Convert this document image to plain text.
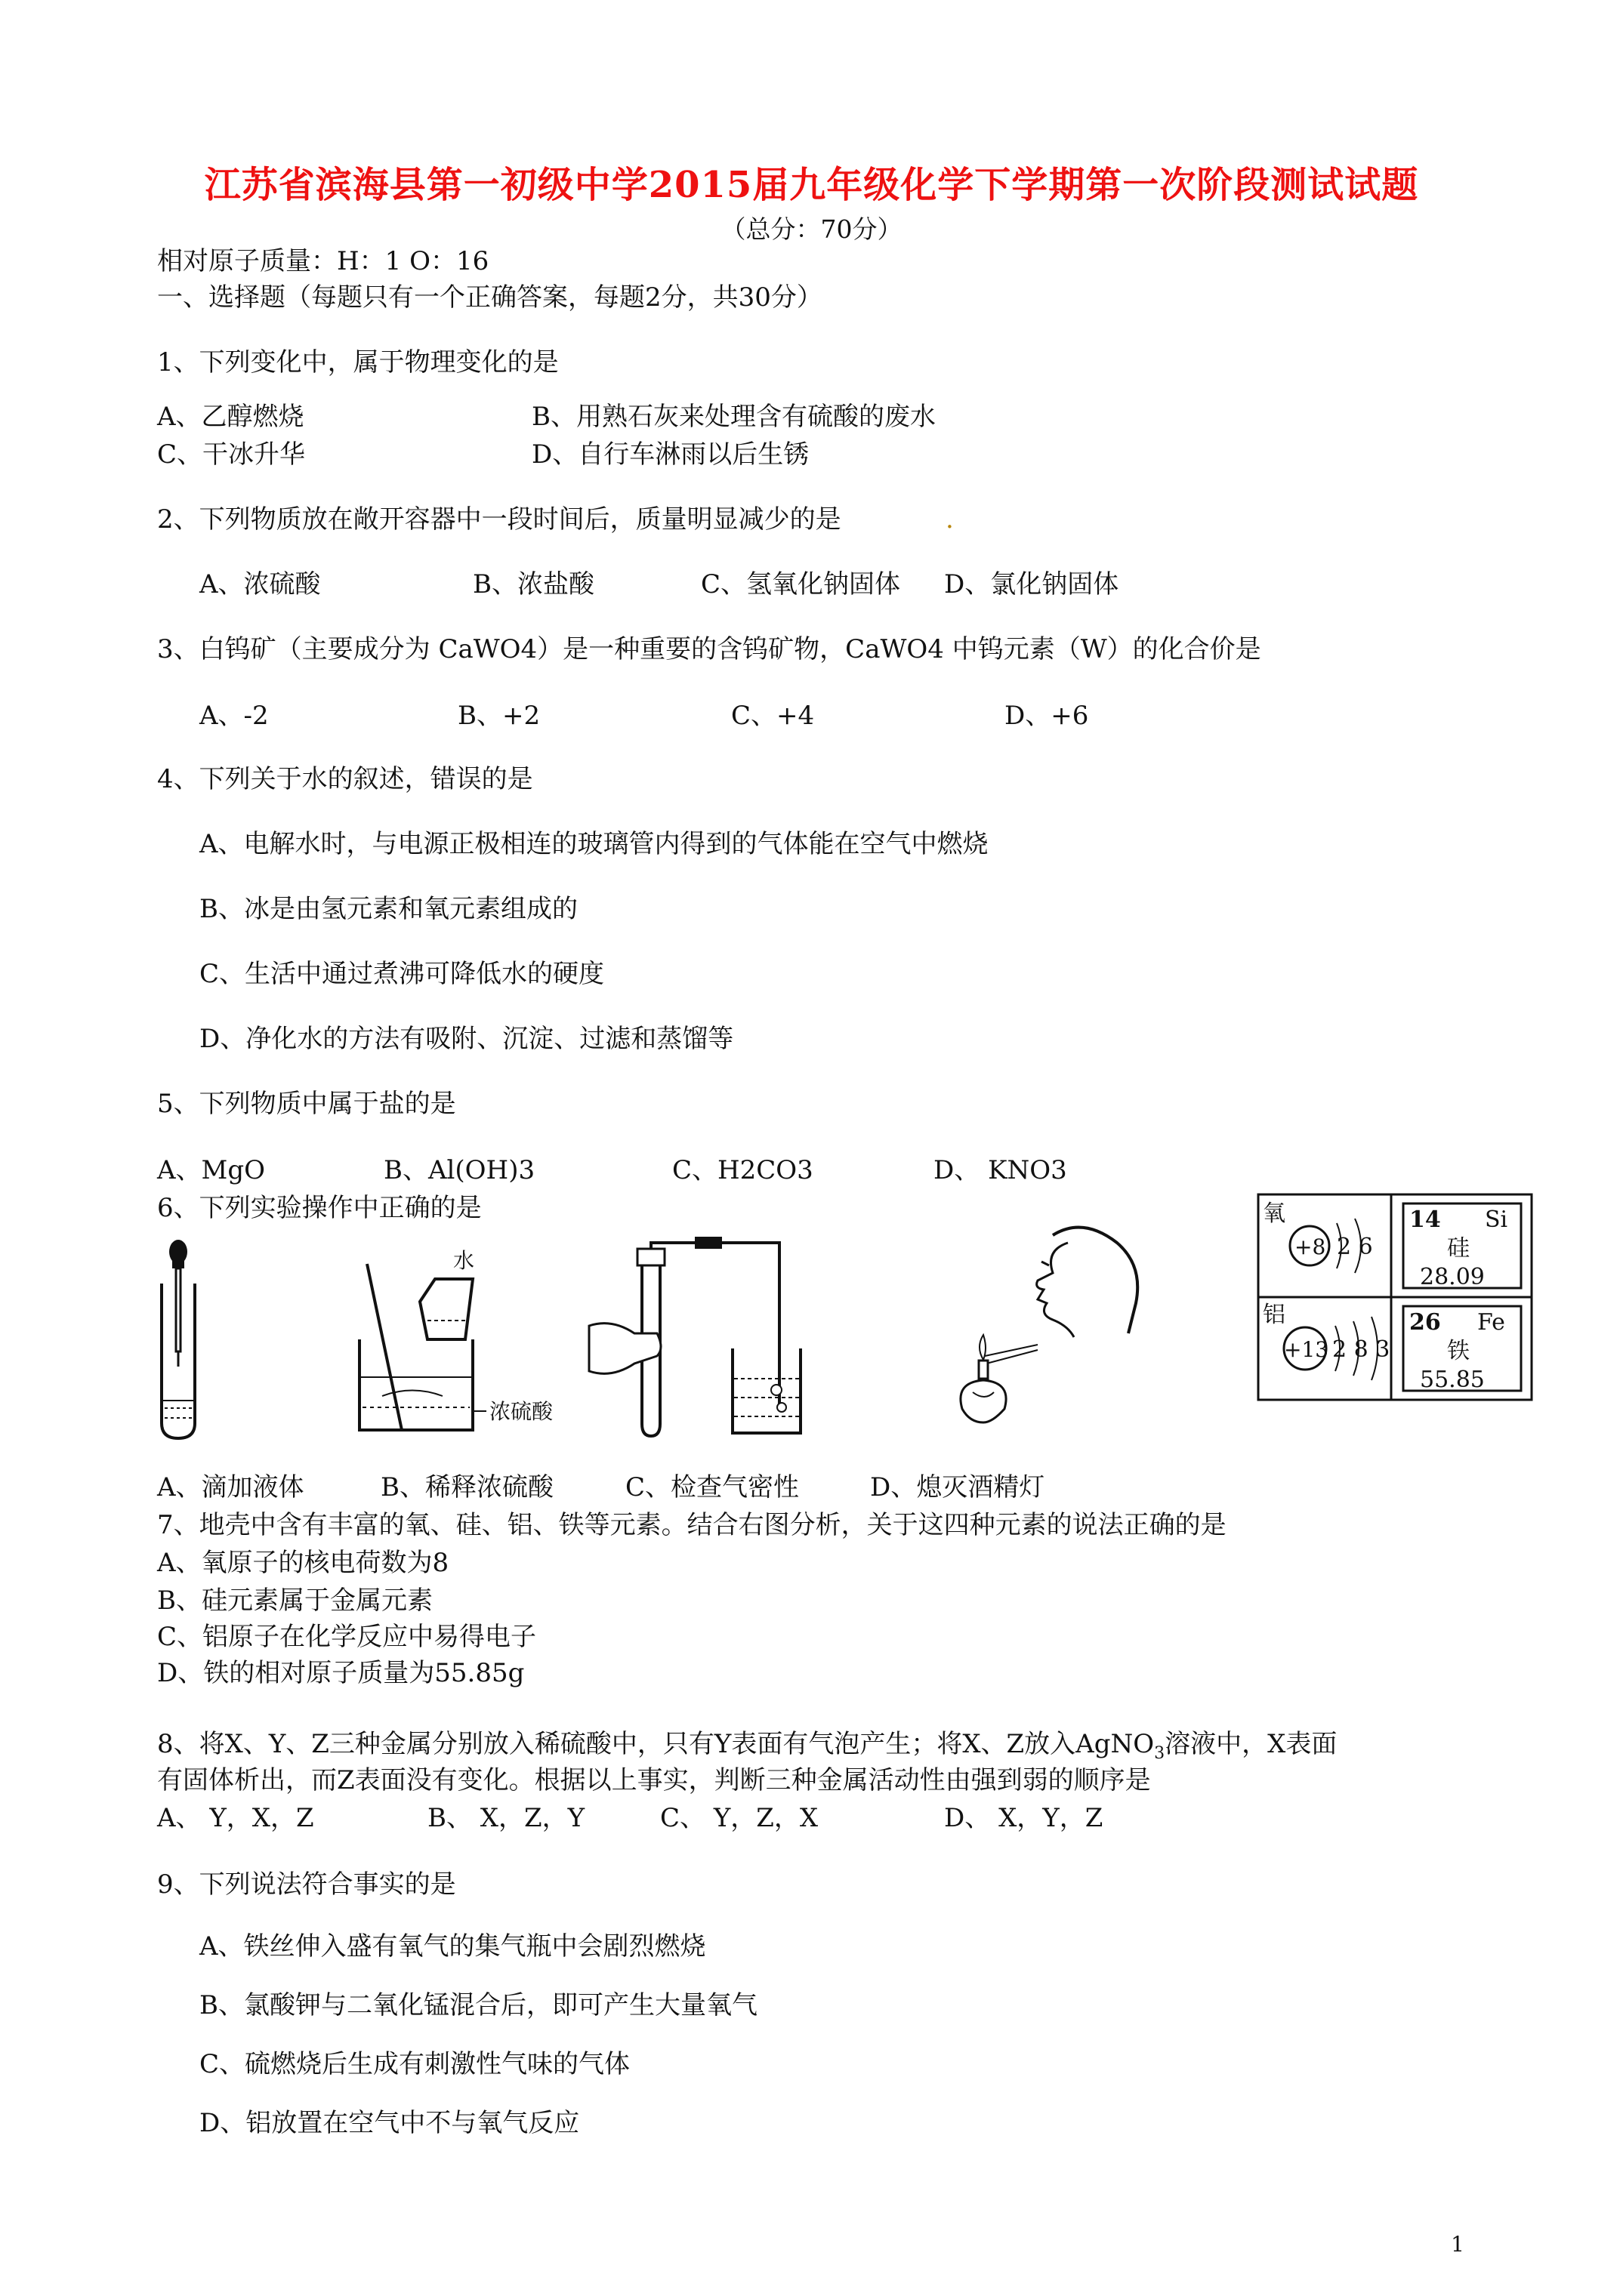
江苏省滨海县第一初级中学2015届九年级化学下学期第一次阶段测试试题
（总分：70分）
相对原子质量：H：1 O：16
一、选择题（每题只有一个正确答案，每题2分，共30分）
1、下列变化中，属于物理变化的是
A、乙醇燃烧	B、用熟石灰来处理含有硫酸的废水
C、干冰升华	D、自行车淋雨以后生锈
2、下列物质放在敞开容器中一段时间后，质量明显减少的是	.
A、浓硫酸	B、浓盐酸	C、氢氧化钠固体 D、氯化钠固体
3、白钨矿（主要成分为 CaWO4）是一种重要的含钨矿物，CaWO4 中钨元素（W）的化合价是
A、-2	B、+2	C、+4	D、+6
4、下列关于水的叙述，错误的是
A、电解水时，与电源正极相连的玻璃管内得到的气体能在空气中燃烧
B、冰是由氢元素和氧元素组成的
C、生活中通过煮沸可降低水的硬度
D、净化水的方法有吸附、沉淀、过滤和蒸馏等
5、下列物质中属于盐的是
A、MgO	B、Al(OH)3	C、H2CO3	D、 KNO3
6、下列实验操作中正确的是
水
浓硫酸
氧
+8 2 6
铝
+13 2 8 3
14 Si
硅
28.09
26 Fe
铁
55.85
A、滴加液体	B、稀释浓硫酸	C、检查气密性	D、熄灭酒精灯
7、地壳中含有丰富的氧、硅、铝、铁等元素。结合右图分析，关于这四种元素的说法正确的是
A、氧原子的核电荷数为8
B、硅元素属于金属元素
C、铝原子在化学反应中易得电子
D、铁的相对原子质量为55.85g
8、将X、Y、Z三种金属分别放入稀硫酸中，只有Y表面有气泡产生；将X、Z放入AgNO$_3$溶液中，X表面
有固体析出，而Z表面没有变化。根据以上事实，判断三种金属活动性由强到弱的顺序是
A、 Y，X，Z	B、 X，Z，Y	C、 Y，Z，X	D、 X，Y，Z
9、下列说法符合事实的是
A、铁丝伸入盛有氧气的集气瓶中会剧烈燃烧
B、氯酸钾与二氧化锰混合后，即可产生大量氧气
C、硫燃烧后生成有刺激性气味的气体
D、铝放置在空气中不与氧气反应
1
